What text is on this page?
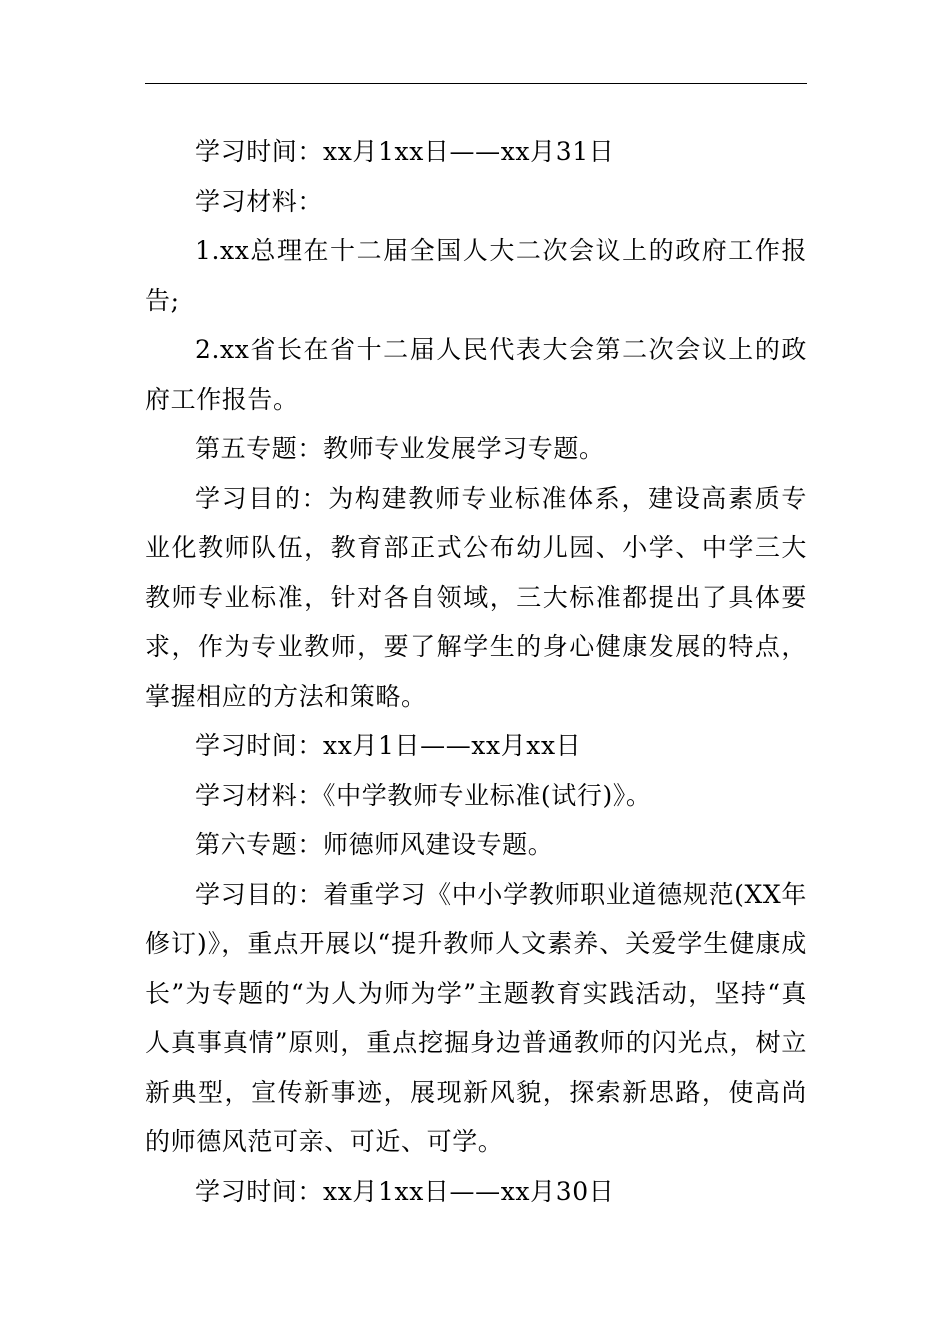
学习时间：xx月1xx日——xx月31日

学习材料：

1.xx总理在十二届全国人大二次会议上的政府工作报告;

2.xx省长在省十二届人民代表大会第二次会议上的政府工作报告。

第五专题：教师专业发展学习专题。

学习目的：为构建教师专业标准体系，建设高素质专业化教师队伍，教育部正式公布幼儿园、小学、中学三大教师专业标准，针对各自领域，三大标准都提出了具体要求，作为专业教师，要了解学生的身心健康发展的特点，掌握相应的方法和策略。

学习时间：xx月1日——xx月xx日

学习材料：《中学教师专业标准(试行)》。

第六专题：师德师风建设专题。

学习目的：着重学习《中小学教师职业道德规范(XX年修订)》，重点开展以“提升教师人文素养、关爱学生健康成长”为专题的“为人为师为学”主题教育实践活动，坚持“真人真事真情”原则，重点挖掘身边普通教师的闪光点，树立新典型，宣传新事迹，展现新风貌，探索新思路，使高尚的师德风范可亲、可近、可学。

学习时间：xx月1xx日——xx月30日
